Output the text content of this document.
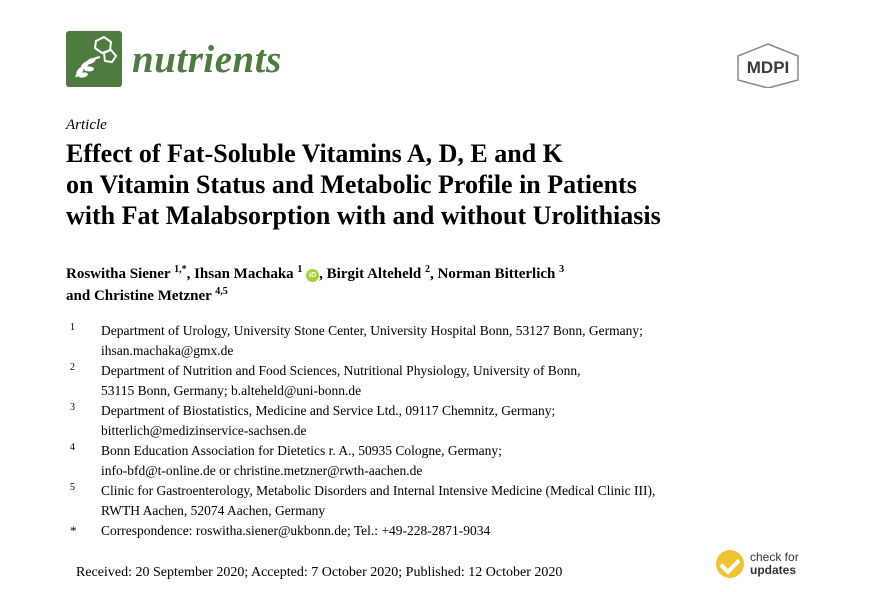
nutrients	MDPI
Article
Effect of Fat-Soluble Vitamins A, D, E and K
on Vitamin Status and Metabolic Profile in Patients
with Fat Malabsorption with and without Urolithiasis
Roswitha Siener $^{1,*}$, Ihsan Machaka $^1$ iD , Birgit Alteheld $^2$, Norman Bitterlich $^3$
and Christine Metzner $^{4,5}$
1 Department of Urology, University Stone Center, University Hospital Bonn, 53127 Bonn, Germany;
ihsan.machaka@gmx.de
2 Department of Nutrition and Food Sciences, Nutritional Physiology, University of Bonn,
53115 Bonn, Germany; b.alteheld@uni-bonn.de
3 Department of Biostatistics, Medicine and Service Ltd., 09117 Chemnitz, Germany;
bitterlich@medizinservice-sachsen.de
4 Bonn Education Association for Dietetics r. A., 50935 Cologne, Germany;
info-bfd@t-online.de or christine.metzner@rwth-aachen.de
5 Clinic for Gastroenterology, Metabolic Disorders and Internal Intensive Medicine (Medical Clinic III),
RWTH Aachen, 52074 Aachen, Germany
* Correspondence: roswitha.siener@ukbonn.de; Tel.: +49-228-2871-9034
Received: 20 September 2020; Accepted: 7 October 2020; Published: 12 October 2020
check for
updates
